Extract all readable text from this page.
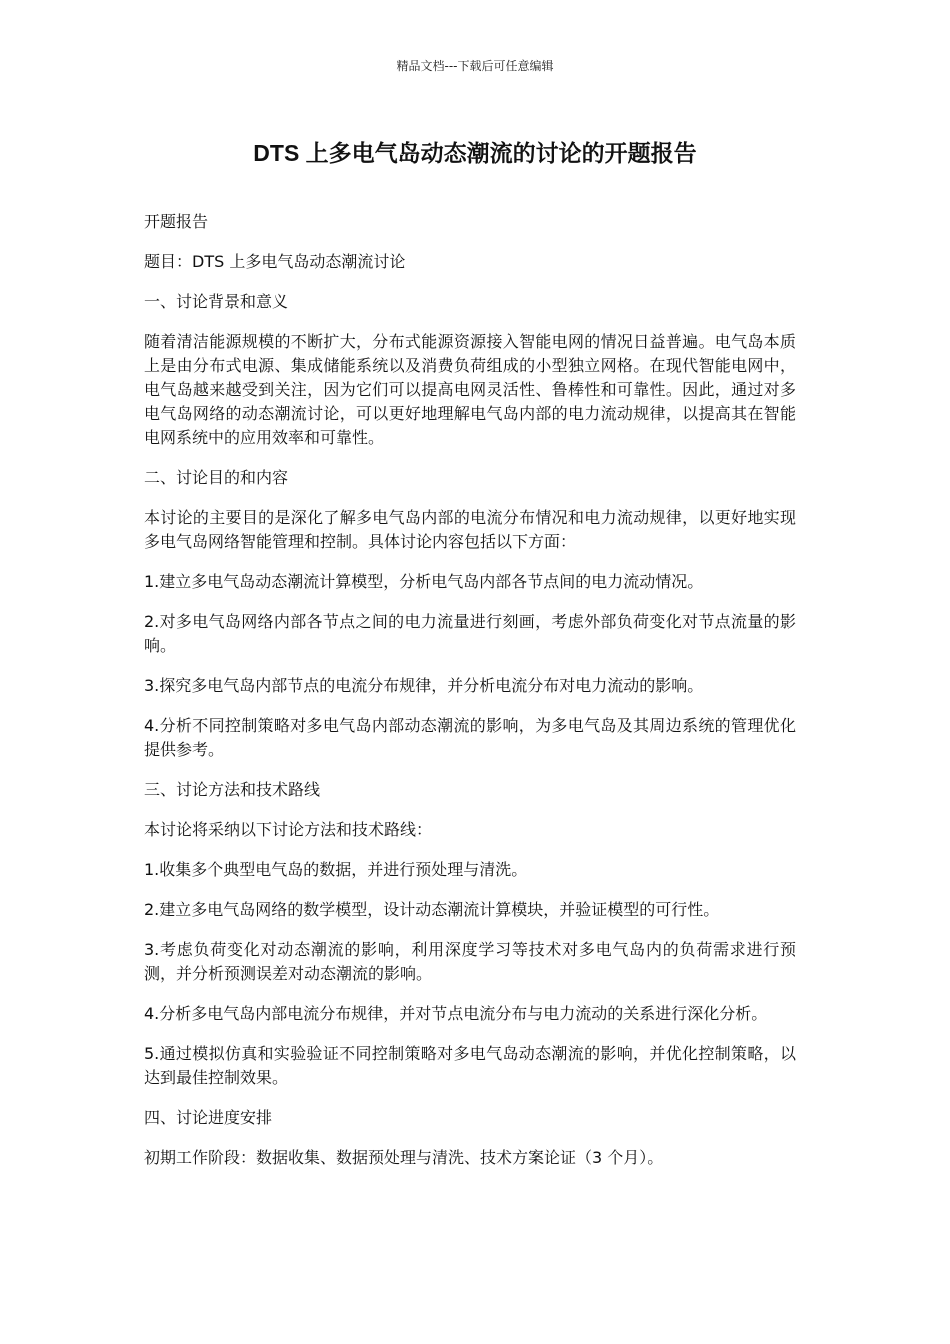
精品文档---下载后可任意编辑
DTS 上多电气岛动态潮流的讨论的开题报告

开题报告

题目：DTS 上多电气岛动态潮流讨论

一、讨论背景和意义

随着清洁能源规模的不断扩大，分布式能源资源接入智能电网的情况日益普遍。电气岛本质上是由分布式电源、集成储能系统以及消费负荷组成的小型独立网格。在现代智能电网中，电气岛越来越受到关注，因为它们可以提高电网灵活性、鲁棒性和可靠性。因此，通过对多电气岛网络的动态潮流讨论，可以更好地理解电气岛内部的电力流动规律，以提高其在智能电网系统中的应用效率和可靠性。

二、讨论目的和内容

本讨论的主要目的是深化了解多电气岛内部的电流分布情况和电力流动规律，以更好地实现多电气岛网络智能管理和控制。具体讨论内容包括以下方面：

1.建立多电气岛动态潮流计算模型，分析电气岛内部各节点间的电力流动情况。

2.对多电气岛网络内部各节点之间的电力流量进行刻画，考虑外部负荷变化对节点流量的影响。

3.探究多电气岛内部节点的电流分布规律，并分析电流分布对电力流动的影响。

4.分析不同控制策略对多电气岛内部动态潮流的影响，为多电气岛及其周边系统的管理优化提供参考。

三、讨论方法和技术路线

本讨论将采纳以下讨论方法和技术路线：

1.收集多个典型电气岛的数据，并进行预处理与清洗。

2.建立多电气岛网络的数学模型，设计动态潮流计算模块，并验证模型的可行性。

3.考虑负荷变化对动态潮流的影响，利用深度学习等技术对多电气岛内的负荷需求进行预测，并分析预测误差对动态潮流的影响。

4.分析多电气岛内部电流分布规律，并对节点电流分布与电力流动的关系进行深化分析。

5.通过模拟仿真和实验验证不同控制策略对多电气岛动态潮流的影响，并优化控制策略，以达到最佳控制效果。

四、讨论进度安排

初期工作阶段：数据收集、数据预处理与清洗、技术方案论证（3 个月）。
